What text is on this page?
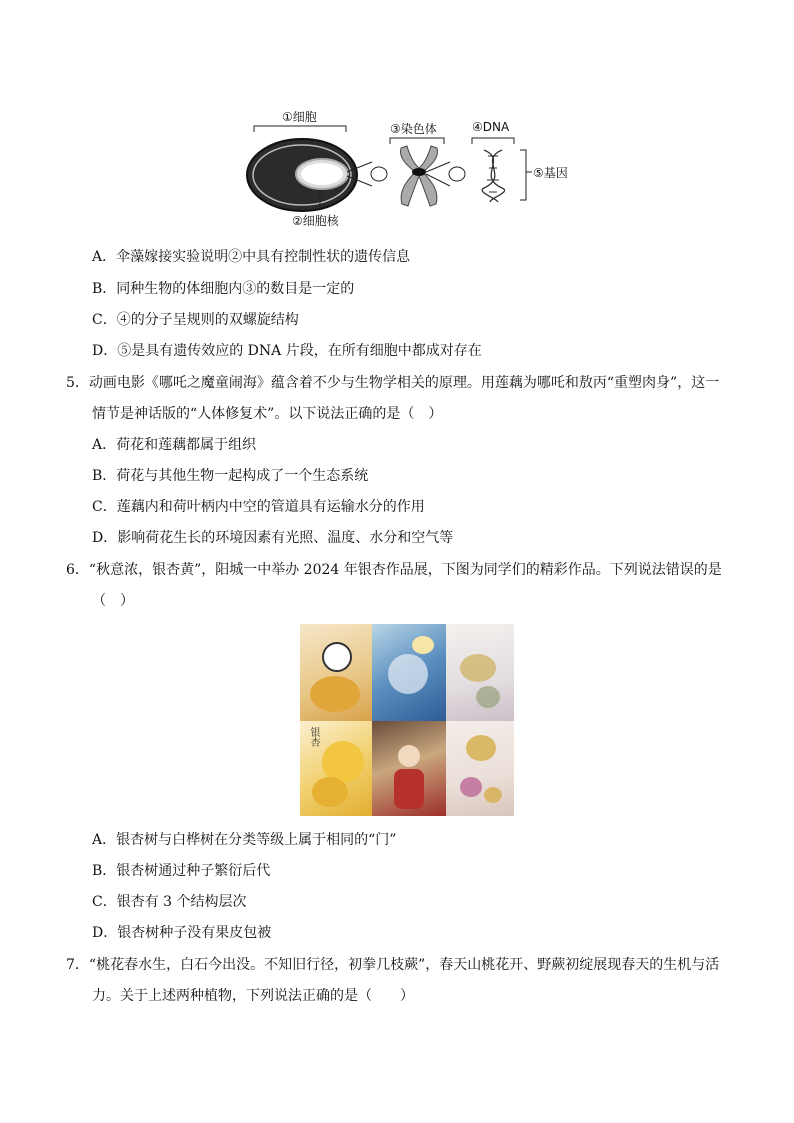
①细胞
③染色体	④DNA
⑤基因
②细胞核
A．伞藻嫁接实验说明②中具有控制性状的遗传信息
B．同种生物的体细胞内③的数目是一定的
C．④的分子呈规则的双螺旋结构
D．⑤是具有遗传效应的 DNA 片段，在所有细胞中都成对存在
5．动画电影《哪吒之魔童闹海》蕴含着不少与生物学相关的原理。用莲藕为哪吒和敖丙“重塑肉身”，这一
情节是神话版的“人体修复术”。以下说法正确的是（　）
A．荷花和莲藕都属于组织
B．荷花与其他生物一起构成了一个生态系统
C．莲藕内和荷叶柄内中空的管道具有运输水分的作用
D．影响荷花生长的环境因素有光照、温度、水分和空气等
6．“秋意浓，银杏黄”，阳城一中举办 2024 年银杏作品展，下图为同学们的精彩作品。下列说法错误的是
（　）
银杏
A．银杏树与白桦树在分类等级上属于相同的“门”
B．银杏树通过种子繁衍后代
C．银杏有 3 个结构层次
D．银杏树种子没有果皮包被
7．“桃花春水生，白石今出没。不知旧行径，初拳几枝蕨”，春天山桃花开、野蕨初绽展现春天的生机与活
力。关于上述两种植物，下列说法正确的是（　　）
